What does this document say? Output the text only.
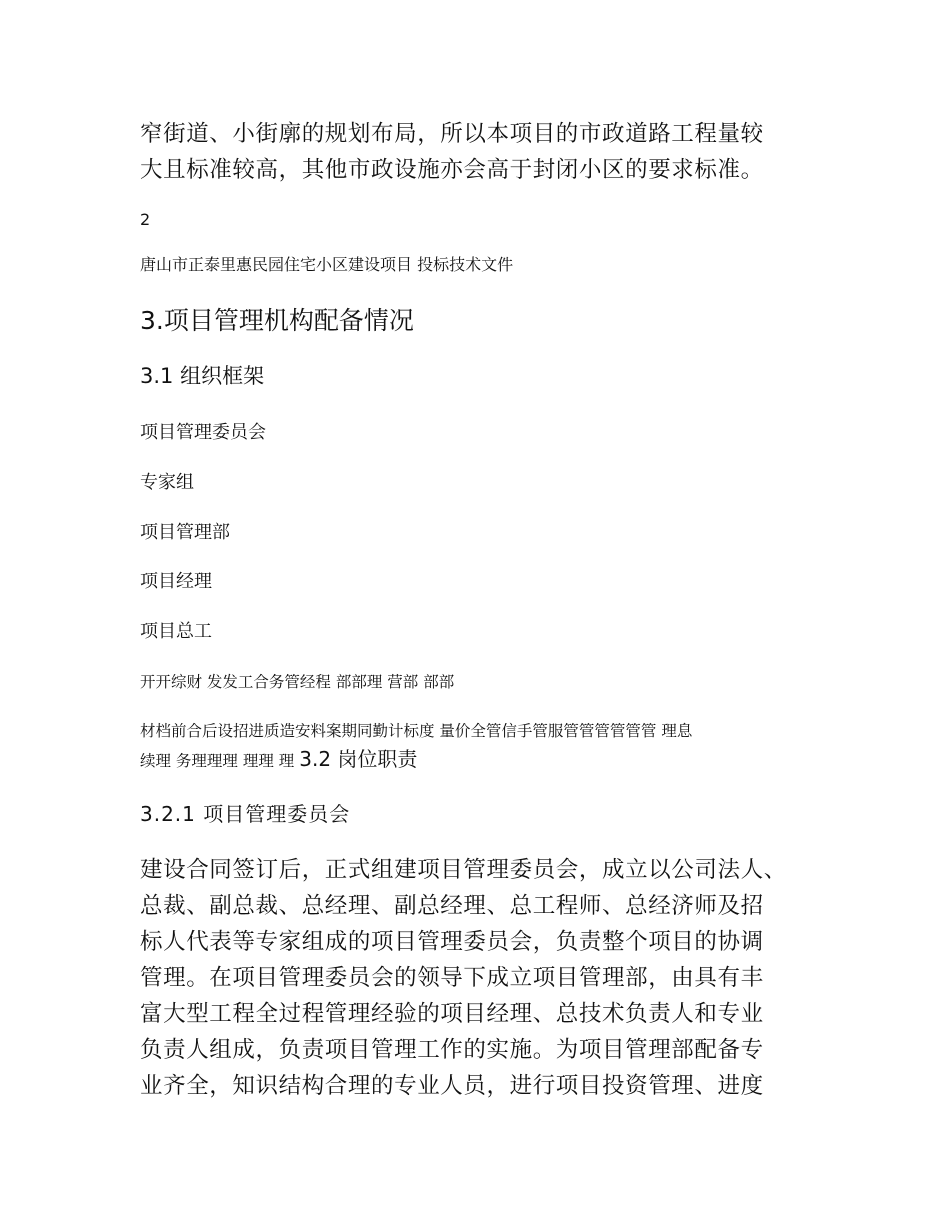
窄街道、小街廓的规划布局，所以本项目的市政道路工程量较

大且标准较高，其他市政设施亦会高于封闭小区的要求标准。

2

唐山市正泰里惠民园住宅小区建设项目 投标技术文件

3.项目管理机构配备情况
3.1 组织框架

项目管理委员会

专家组

项目管理部

项目经理

项目总工

开开综财 发发工合务管经程 部部理 营部 部部

材档前合后设招进质造安料案期同勤计标度 量价全管信手管服管管管管管管 理息

续理 务理理理 理理 理 3.2 岗位职责

3.2.1 项目管理委员会

建设合同签订后，正式组建项目管理委员会，成立以公司法人、

总裁、副总裁、总经理、副总经理、总工程师、总经济师及招

标人代表等专家组成的项目管理委员会，负责整个项目的协调

管理。在项目管理委员会的领导下成立项目管理部，由具有丰

富大型工程全过程管理经验的项目经理、总技术负责人和专业

负责人组成，负责项目管理工作的实施。为项目管理部配备专

业齐全，知识结构合理的专业人员，进行项目投资管理、进度
